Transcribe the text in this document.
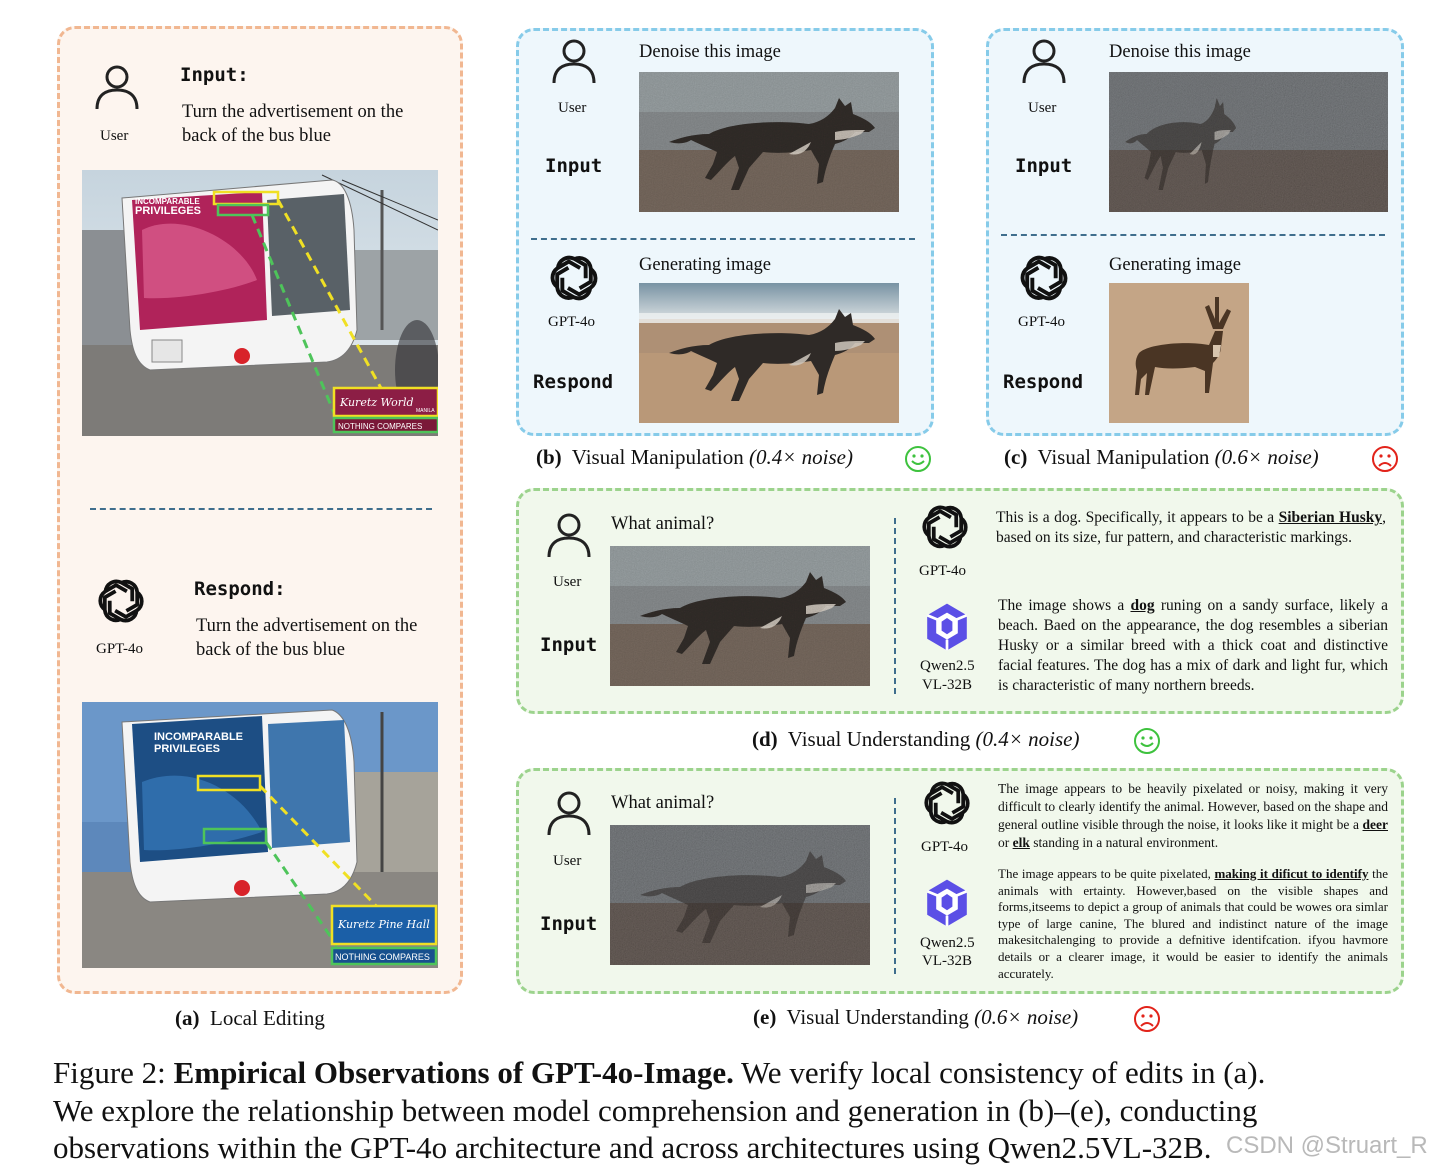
User
Input:
Turn the advertisement on the
back of the bus blue
INCOMPARABLE
PRIVILEGES
Kuretz World
MANILA
NOTHING COMPARES
GPT-4o
Respond:
Turn the advertisement on the
back of the bus blue
INCOMPARABLE
PRIVILEGES
Kuretz Pine Hall
NOTHING COMPARES
(a) Local Editing
User
Input
Denoise this image
GPT-4o
Respond
Generating image
(b) Visual Manipulation (0.4× noise)
User
Input
Denoise this image
GPT-4o
Respond
Generating image
(c) Visual Manipulation (0.6× noise)
User
Input
What animal?
GPT-4o
Qwen2.5
VL-32B
This is a dog. Specifically, it appears to be a Siberian Husky, based on its size, fur pattern, and characteristic markings.
The image shows a dog runing on a sandy surface, likely a beach. Baed on the appearance, the dog resembles a siberian Husky or a similar breed with a thick coat and distinctive facial features. The dog has a mix of dark and light fur, which is characteristic of many northern breeds.
(d) Visual Understanding (0.4× noise)
User
Input
What animal?
GPT-4o
Qwen2.5
VL-32B
The image appears to be heavily pixelated or noisy, making it very difficult to clearly identify the animal. However, based on the shape and general outline visible through the noise, it looks like it might be a deer or elk standing in a natural environment.
The image appears to be quite pixelated, making it dificut to identify the animals with ertainty. However,based on the visible shapes and forms,itseems to depict a group of animals that could be wowes ora simlar type of large canine, The blured and indistinct nature of the image makesitchalenging to provide a defnitive identifcation. ifyou havmore details or a clearer image, it would be easier to identify the animals accurately.
(e) Visual Understanding (0.6× noise)

Figure 2: Empirical Observations of GPT-4o-Image. We verify local consistency of edits in (a).

We explore the relationship between model comprehension and generation in (b)–(e), conducting

observations within the GPT-4o architecture and across architectures using Qwen2.5VL-32B. CSDN @Struart_R
